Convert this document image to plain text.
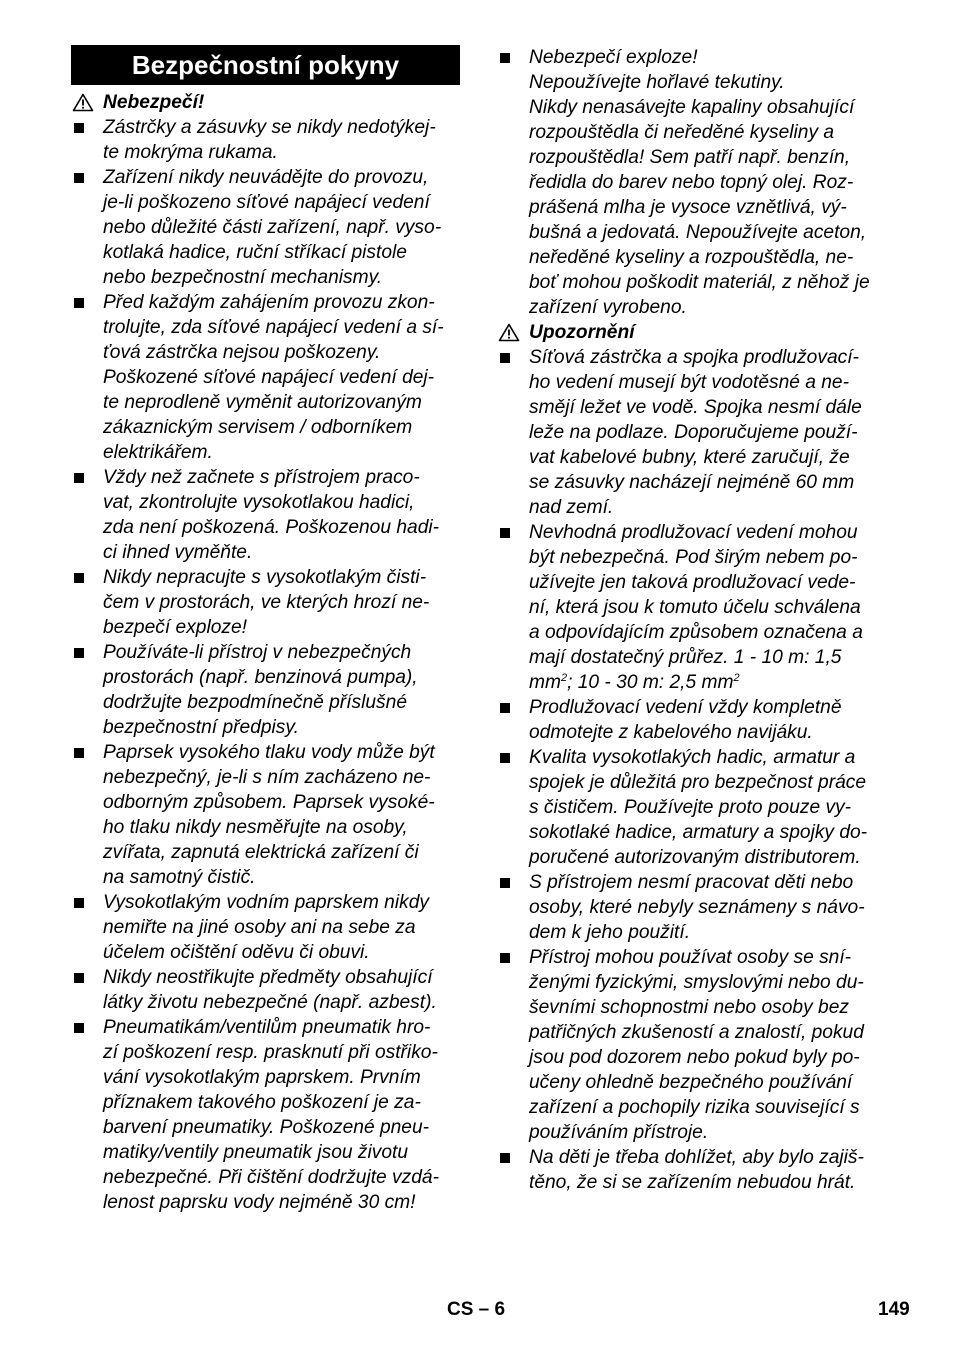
Bezpečnostní pokyny
Nebezpečí!
Zástrčky a zásuvky se nikdy nedotýkej-
te mokrýma rukama.
Zařízení nikdy neuvádějte do provozu,
je-li poškozeno síťové napájecí vedení
nebo důležité části zařízení, např. vyso-
kotlaká hadice, ruční stříkací pistole
nebo bezpečnostní mechanismy.
Před každým zahájením provozu zkon-
trolujte, zda síťové napájecí vedení a sí-
ťová zástrčka nejsou poškozeny.
Poškozené síťové napájecí vedení dej-
te neprodleně vyměnit autorizovaným
zákaznickým servisem / odborníkem
elektrikářem.
Vždy než začnete s přístrojem praco-
vat, zkontrolujte vysokotlakou hadici,
zda není poškozená. Poškozenou hadi-
ci ihned vyměňte.
Nikdy nepracujte s vysokotlakým čisti-
čem v prostorách, ve kterých hrozí ne-
bezpečí exploze!
Používáte-li přístroj v nebezpečných
prostorách (např. benzinová pumpa),
dodržujte bezpodmínečně příslušné
bezpečnostní předpisy.
Paprsek vysokého tlaku vody může být
nebezpečný, je-li s ním zacházeno ne-
odborným způsobem. Paprsek vysoké-
ho tlaku nikdy nesměřujte na osoby,
zvířata, zapnutá elektrická zařízení či
na samotný čistič.
Vysokotlakým vodním paprskem nikdy
nemiřte na jiné osoby ani na sebe za
účelem očištění oděvu či obuvi.
Nikdy neostřikujte předměty obsahující
látky životu nebezpečné (např. azbest).
Pneumatikám/ventilům pneumatik hro-
zí poškození resp. prasknutí při ostřiko-
vání vysokotlakým paprskem. Prvním
příznakem takového poškození je za-
barvení pneumatiky. Poškozené pneu-
matiky/ventily pneumatik jsou životu
nebezpečné. Při čištění dodržujte vzdá-
lenost paprsku vody nejméně 30 cm!
Nebezpečí exploze!
Nepoužívejte hořlavé tekutiny.
Nikdy nenasávejte kapaliny obsahující
rozpouštědla či neředěné kyseliny a
rozpouštědla! Sem patří např. benzín,
ředidla do barev nebo topný olej. Roz-
prášená mlha je vysoce vznětlivá, vý-
bušná a jedovatá. Nepoužívejte aceton,
neředěné kyseliny a rozpouštědla, ne-
boť mohou poškodit materiál, z něhož je
zařízení vyrobeno.
Upozornění
Síťová zástrčka a spojka prodlužovací-
ho vedení musejí být vodotěsné a ne-
smějí ležet ve vodě. Spojka nesmí dále
leže na podlaze. Doporučujeme použí-
vat kabelové bubny, které zaručují, že
se zásuvky nacházejí nejméně 60 mm
nad zemí.
Nevhodná prodlužovací vedení mohou
být nebezpečná. Pod širým nebem po-
užívejte jen taková prodlužovací vede-
ní, která jsou k tomuto účelu schválena
a odpovídajícím způsobem označena a
mají dostatečný průřez. 1 - 10 m: 1,5
$mm^2$; 10 - 30 m: 2,5 $mm^2$
Prodlužovací vedení vždy kompletně
odmotejte z kabelového navijáku.
Kvalita vysokotlakých hadic, armatur a
spojek je důležitá pro bezpečnost práce
s čističem. Používejte proto pouze vy-
sokotlaké hadice, armatury a spojky do-
poručené autorizovaným distributorem.
S přístrojem nesmí pracovat děti nebo
osoby, které nebyly seznámeny s návo-
dem k jeho použití.
Přístroj mohou používat osoby se sní-
ženými fyzickými, smyslovými nebo du-
ševními schopnostmi nebo osoby bez
patřičných zkušeností a znalostí, pokud
jsou pod dozorem nebo pokud byly po-
učeny ohledně bezpečného používání
zařízení a pochopily rizika související s
používáním přístroje.
Na děti je třeba dohlížet, aby bylo zajiš-
těno, že si se zařízením nebudou hrát.
CS – 6	149
